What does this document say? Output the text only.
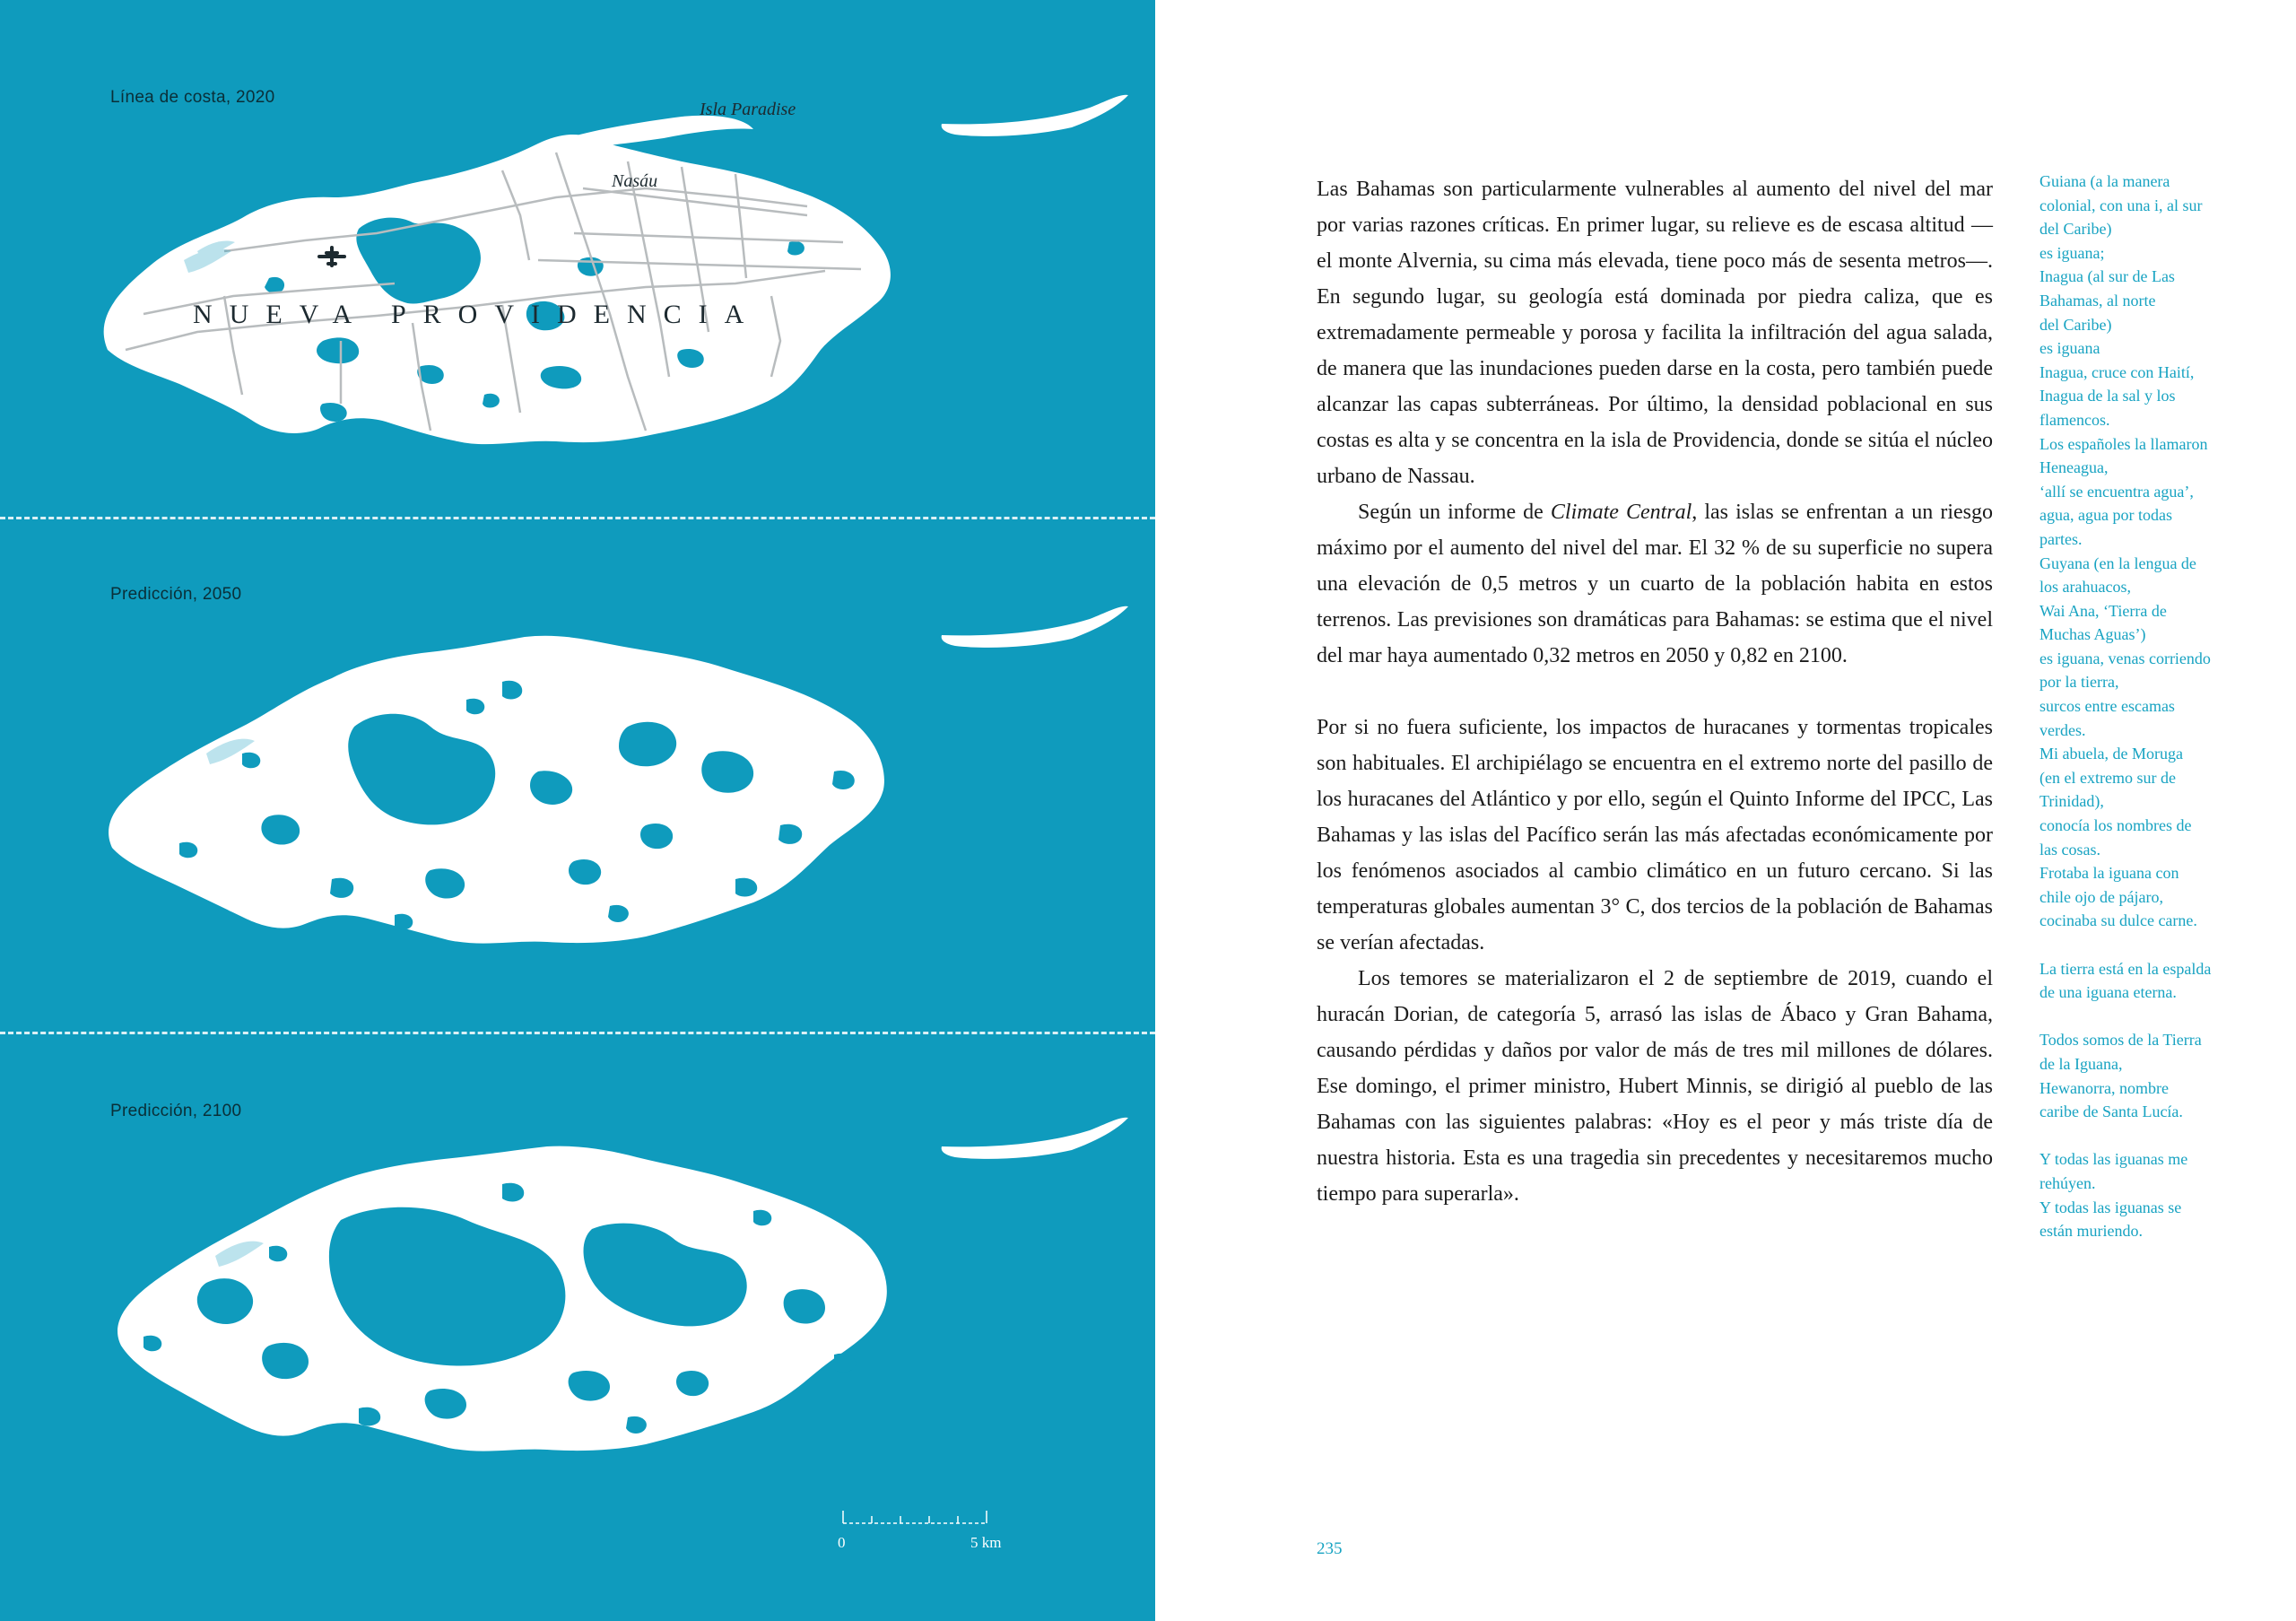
Línea de costa, 2020
Predicción, 2050
Predicción, 2100
NUEVA PROVIDENCIA
Isla Paradise
Nasáu
0	5 km

Las Bahamas son particularmente vulnerables al aumento del nivel del mar por varias razones críticas. En primer lugar, su relieve es de escasa altitud —el monte Alvernia, su cima más elevada, tiene poco más de sesenta metros—. En segundo lugar, su geología está dominada por piedra caliza, que es extremadamente permeable y porosa y facilita la infiltración del agua salada, de manera que las inundaciones pueden darse en la costa, pero también puede alcanzar las capas subterráneas. Por último, la densidad poblacional en sus costas es alta y se concentra en la isla de Providencia, donde se sitúa el núcleo urbano de Nassau.

Según un informe de Climate Central, las islas se enfrentan a un riesgo máximo por el aumento del nivel del mar. El 32 % de su superficie no supera una elevación de 0,5 metros y un cuarto de la población habita en estos terrenos. Las previsiones son dramáticas para Bahamas: se estima que el nivel del mar haya aumentado 0,32 metros en 2050 y 0,82 en 2100.

Por si no fuera suficiente, los impactos de huracanes y tormentas tropicales son habituales. El archipiélago se encuentra en el extremo norte del pasillo de los huracanes del Atlántico y por ello, según el Quinto Informe del IPCC, Las Bahamas y las islas del Pacífico serán las más afectadas económicamente por los fenómenos asociados al cambio climático en un futuro cercano. Si las temperaturas globales aumentan 3° C, dos tercios de la población de Bahamas se verían afectadas.

Los temores se materializaron el 2 de septiembre de 2019, cuando el huracán Dorian, de categoría 5, arrasó las islas de Ábaco y Gran Bahama, causando pérdidas y daños por valor de más de tres mil millones de dólares. Ese domingo, el primer ministro, Hubert Minnis, se dirigió al pueblo de las Bahamas con las siguientes palabras: «Hoy es el peor y más triste día de nuestra historia. Esta es una tragedia sin precedentes y necesitaremos mucho tiempo para superarla».

Guiana (a la manera
colonial, con una i, al sur
del Caribe)
es iguana;
Inagua (al sur de Las
Bahamas, al norte
del Caribe)
es iguana
Inagua, cruce con Haití,
Inagua de la sal y los
flamencos.
Los españoles la llamaron
Heneagua,
‘allí se encuentra agua’,
agua, agua por todas
partes.
Guyana (en la lengua de
los arahuacos,
Wai Ana, ‘Tierra de
Muchas Aguas’)
es iguana, venas corriendo
por la tierra,
surcos entre escamas
verdes.
Mi abuela, de Moruga
(en el extremo sur de
Trinidad),
conocía los nombres de
las cosas.
Frotaba la iguana con
chile ojo de pájaro,
cocinaba su dulce carne.
La tierra está en la espalda
de una iguana eterna.
Todos somos de la Tierra
de la Iguana,
Hewanorra, nombre
caribe de Santa Lucía.
Y todas las iguanas me
rehúyen.
Y todas las iguanas se
están muriendo.
235
